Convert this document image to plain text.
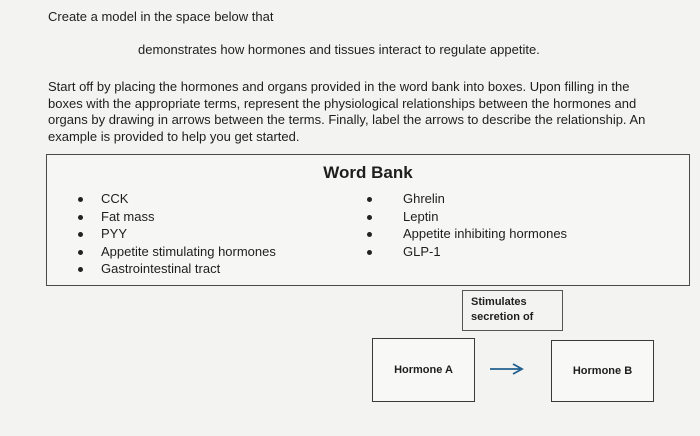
Create a model in the space below that
demonstrates how hormones and tissues interact to regulate appetite.
Start off by placing the hormones and organs provided in the word bank into boxes. Upon filling in the boxes with the appropriate terms, represent the physiological relationships between the hormones and organs by drawing in arrows between the terms. Finally, label the arrows to describe the relationship. An example is provided to help you get started.
Word Bank
CCK
Fat mass
PYY
Appetite stimulating hormones
Gastrointestinal tract
Ghrelin
Leptin
Appetite inhibiting hormones
GLP-1
Stimulates
secretion of
Hormone A	Hormone B
